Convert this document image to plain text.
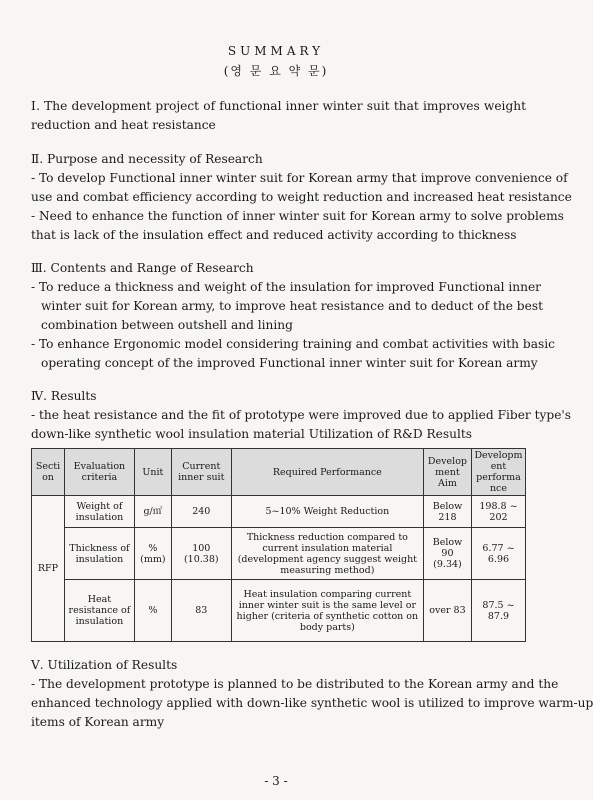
SUMMARY
(영 문 요 약 문)
Ⅰ. The development project of functional inner winter suit that improves weight
reduction and heat resistance
Ⅱ. Purpose and necessity of Research
- To develop Functional inner winter suit for Korean army that improve convenience of
use and combat efficiency according to weight reduction and increased heat resistance
- Need to enhance the function of inner winter suit for Korean army to solve problems
that is lack of the insulation effect and reduced activity according to thickness
Ⅲ. Contents and Range of Research
- To reduce a thickness and weight of the insulation for improved Functional inner
winter suit for Korean army, to improve heat resistance and to deduct of the best
combination between outshell and lining
- To enhance Ergonomic model considering training and combat activities with basic
operating concept of the improved Functional inner winter suit for Korean army
Ⅳ. Results
- the heat resistance and the fit of prototype were improved due to applied Fiber type's
down-like synthetic wool insulation material Utilization of R&D Results
Secti on	Evaluation criteria	Unit	Current inner suit	Required Performance	Develop ment Aim	Developm ent performa nce
RFP	Weight of insulation	g/㎡	240	5~10% Weight Reduction	Below 218	198.8 ~ 202
	Thickness of insulation	% (mm)	100 (10.38)	Thickness reduction compared to current insulation material (development agency suggest weight measuring method)	Below 90 (9.34)	6.77 ~ 6.96
	Heat resistance of insulation	%	83	Heat insulation comparing current inner winter suit is the same level or higher (criteria of synthetic cotton on body parts)	over 83	87.5 ~ 87.9
Ⅴ. Utilization of Results
- The development prototype is planned to be distributed to the Korean army and the
enhanced technology applied with down-like synthetic wool is utilized to improve warm-up
items of Korean army
- 3 -
